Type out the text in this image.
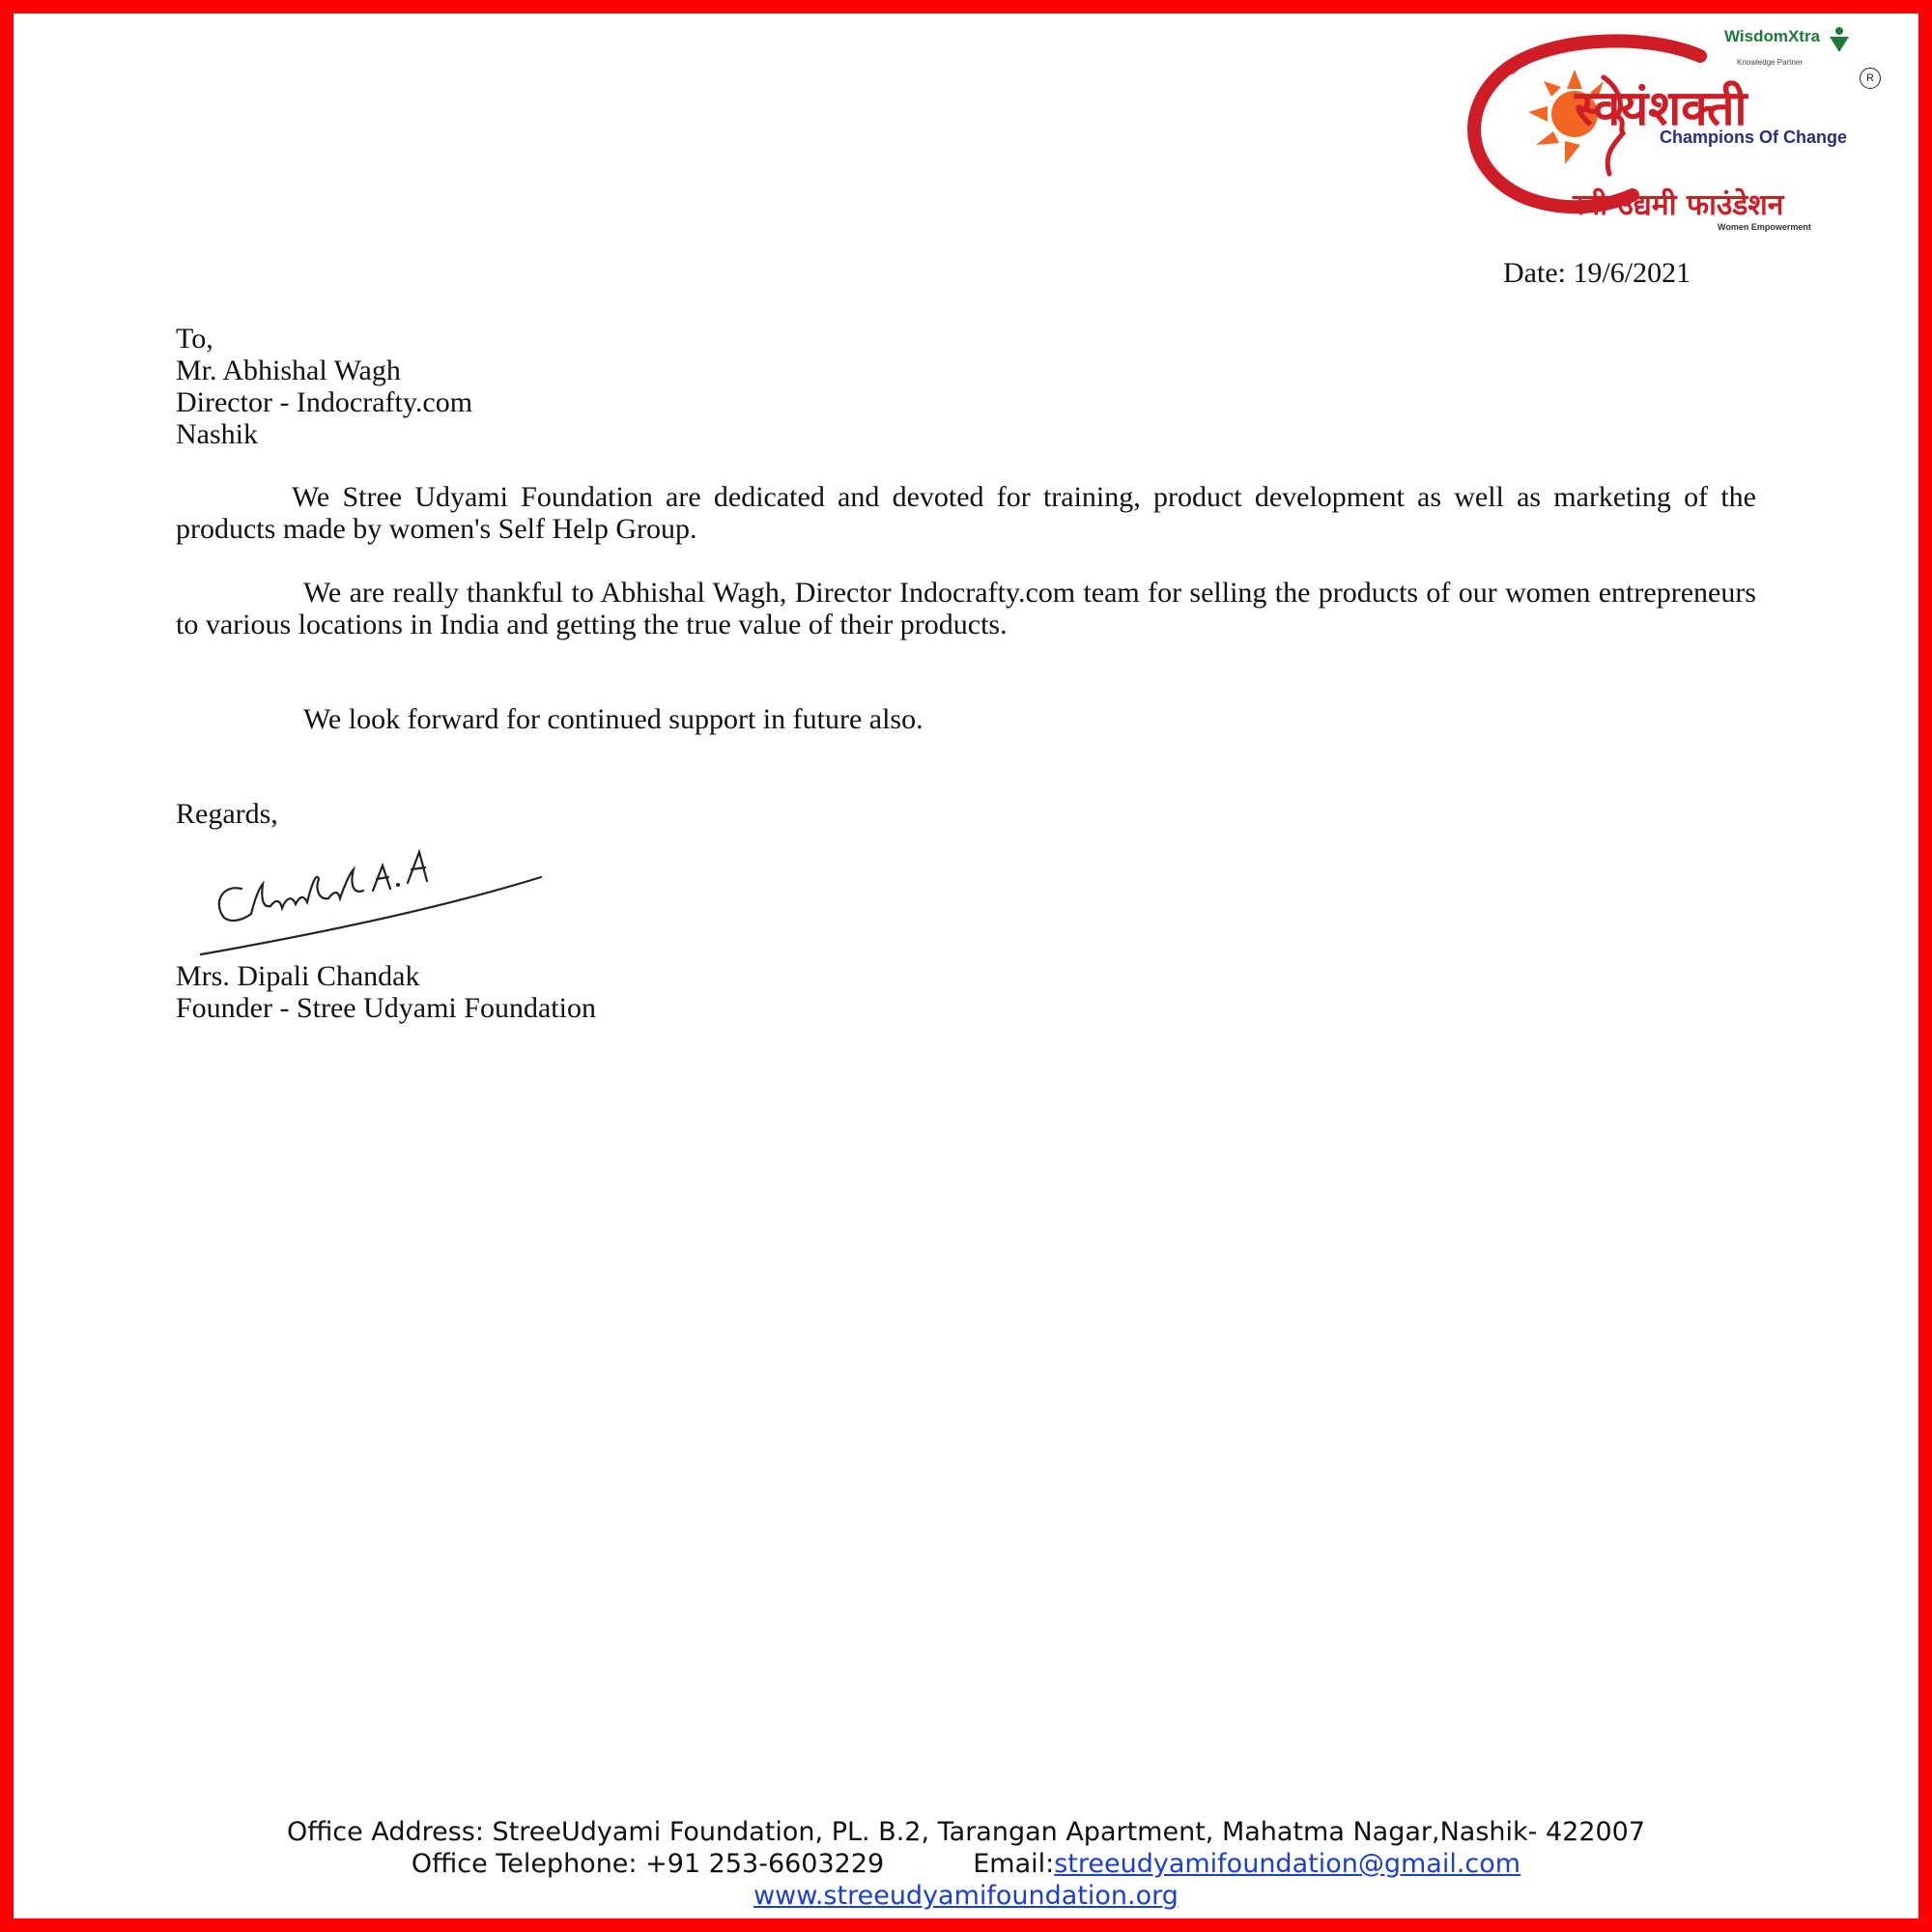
WisdomXtra
Knowledge Partner
R
स्वयंशक्ती
Champions Of Change
स्त्री उद्यमी फाउंडेशन
Women Empowerment
Date: 19/6/2021
To,
Mr. Abhishal Wagh
Director - Indocrafty.com
Nashik
We Stree Udyami Foundation are dedicated and devoted for training, product development as well as marketing of the products made by women's Self Help Group.
We are really thankful to Abhishal Wagh, Director Indocrafty.com team for selling the products of our women entrepreneurs to various locations in India and getting the true value of their products.
We look forward for continued support in future also.
Regards,
Mrs. Dipali Chandak
Founder - Stree Udyami Foundation
Office Address: StreeUdyami Foundation, PL. B.2, Tarangan Apartment, Mahatma Nagar,Nashik- 422007
Office Telephone: +91 253-6603229	Email:streeudyamifoundation@gmail.com
www.streeudyamifoundation.org
